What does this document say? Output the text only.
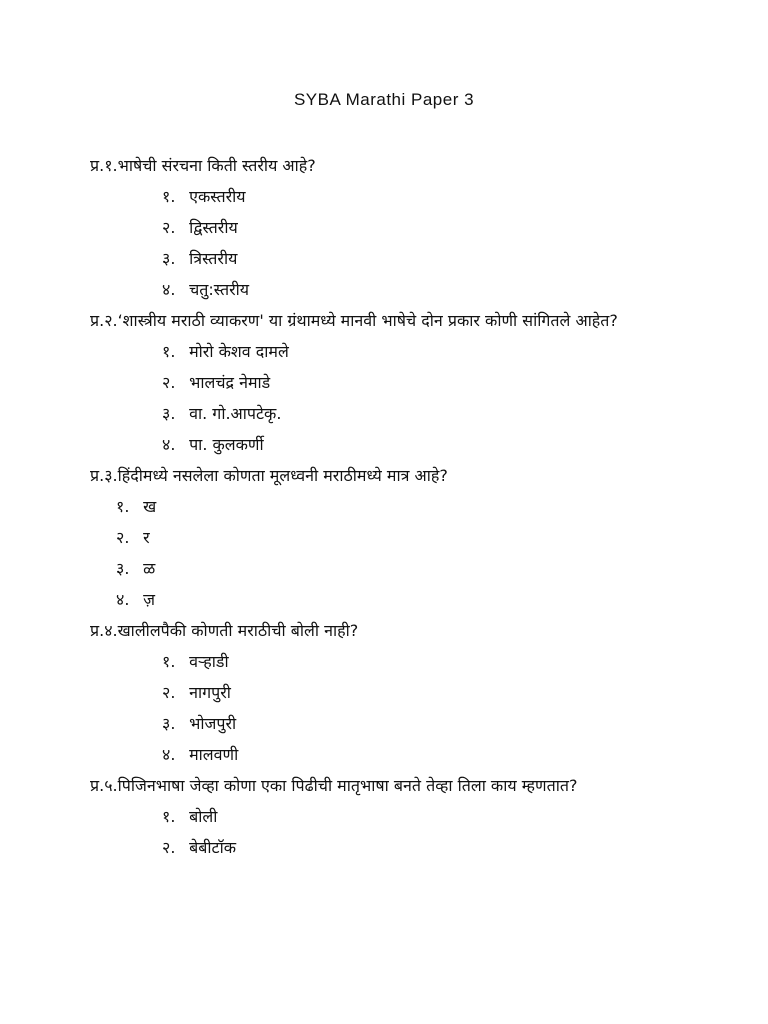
SYBA Marathi Paper 3

प्र.१.भाषेची संरचना किती स्तरीय आहे?

१. एकस्तरीय
२. द्विस्तरीय
३. त्रिस्तरीय
४. चतु:स्तरीय

प्र.२.‘शास्त्रीय मराठी व्याकरण' या ग्रंथामध्ये मानवी भाषेचे दोन प्रकार कोणी सांगितले आहेत?

१. मोरो केशव दामले
२. भालचंद्र नेमाडे
३. वा. गो.आपटेकृ.
४. पा. कुलकर्णी

प्र.३.हिंदीमध्ये नसलेला कोणता मूलध्वनी मराठीमध्ये मात्र आहे?

१. ख
२. र
३. ळ
४. ज़

प्र.४.खालीलपैकी कोणती मराठीची बोली नाही?

१. वऱ्हाडी
२. नागपुरी
३. भोजपुरी
४. मालवणी

प्र.५.पिजिनभाषा जेव्हा कोणा एका पिढीची मातृभाषा बनते तेव्हा तिला काय म्हणतात?

१. बोली
२. बेबीटॉक
